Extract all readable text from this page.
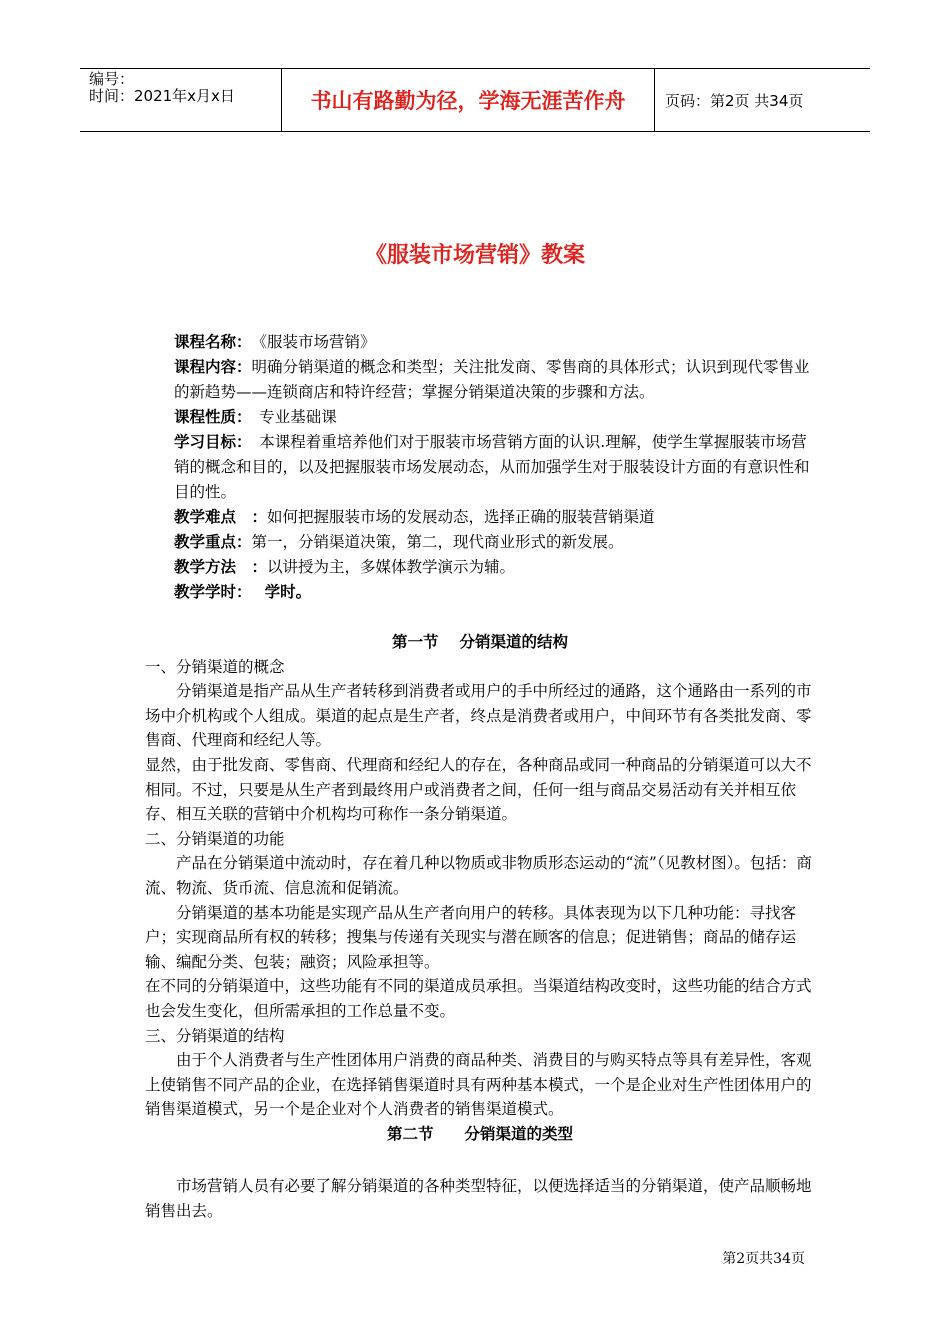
编号：
时间：2021年x月x日	书山有路勤为径，学海无涯苦作舟	页码：第2页 共34页
《服装市场营销》教案

课程名称：　《服装市场营销》

课程内容：明确分销渠道的概念和类型；关注批发商、零售商的具体形式；认识到现代零售业的新趋势——连锁商店和特许经营；掌握分销渠道决策的步骤和方法。

课程性质：　专业基础课

学习目标：　本课程着重培养他们对于服装市场营销方面的认识.理解，使学生掌握服装市场营销的概念和目的，以及把握服装市场发展动态，从而加强学生对于服装设计方面的有意识性和目的性。

教学难点　：如何把握服装市场的发展动态，选择正确的服装营销渠道

教学重点：第一，分销渠道决策，第二，现代商业形式的新发展。

教学方法　：以讲授为主，多媒体教学演示为辅。

教学学时：　 学时。

第一节　 分销渠道的结构

一、分销渠道的概念

分销渠道是指产品从生产者转移到消费者或用户的手中所经过的通路，这个通路由一系列的市场中介机构或个人组成。渠道的起点是生产者，终点是消费者或用户，中间环节有各类批发商、零售商、代理商和经纪人等。

显然，由于批发商、零售商、代理商和经纪人的存在，各种商品或同一种商品的分销渠道可以大不相同。不过，只要是从生产者到最终用户或消费者之间，任何一组与商品交易活动有关并相互依存、相互关联的营销中介机构均可称作一条分销渠道。

二、分销渠道的功能

产品在分销渠道中流动时，存在着几种以物质或非物质形态运动的“流”（见教材图）。包括：商流、物流、货币流、信息流和促销流。

分销渠道的基本功能是实现产品从生产者向用户的转移。具体表现为以下几种功能：寻找客户；实现商品所有权的转移；搜集与传递有关现实与潜在顾客的信息；促进销售；商品的储存运输、编配分类、包装；融资；风险承担等。

在不同的分销渠道中，这些功能有不同的渠道成员承担。当渠道结构改变时，这些功能的结合方式也会发生变化，但所需承担的工作总量不变。

三、分销渠道的结构

由于个人消费者与生产性团体用户消费的商品种类、消费目的与购买特点等具有差异性，客观上使销售不同产品的企业，在选择销售渠道时具有两种基本模式，一个是企业对生产性团体用户的销售渠道模式，另一个是企业对个人消费者的销售渠道模式。

第二节　　分销渠道的类型

市场营销人员有必要了解分销渠道的各种类型特征，以便选择适当的分销渠道，使产品顺畅地销售出去。

第2页共34页
